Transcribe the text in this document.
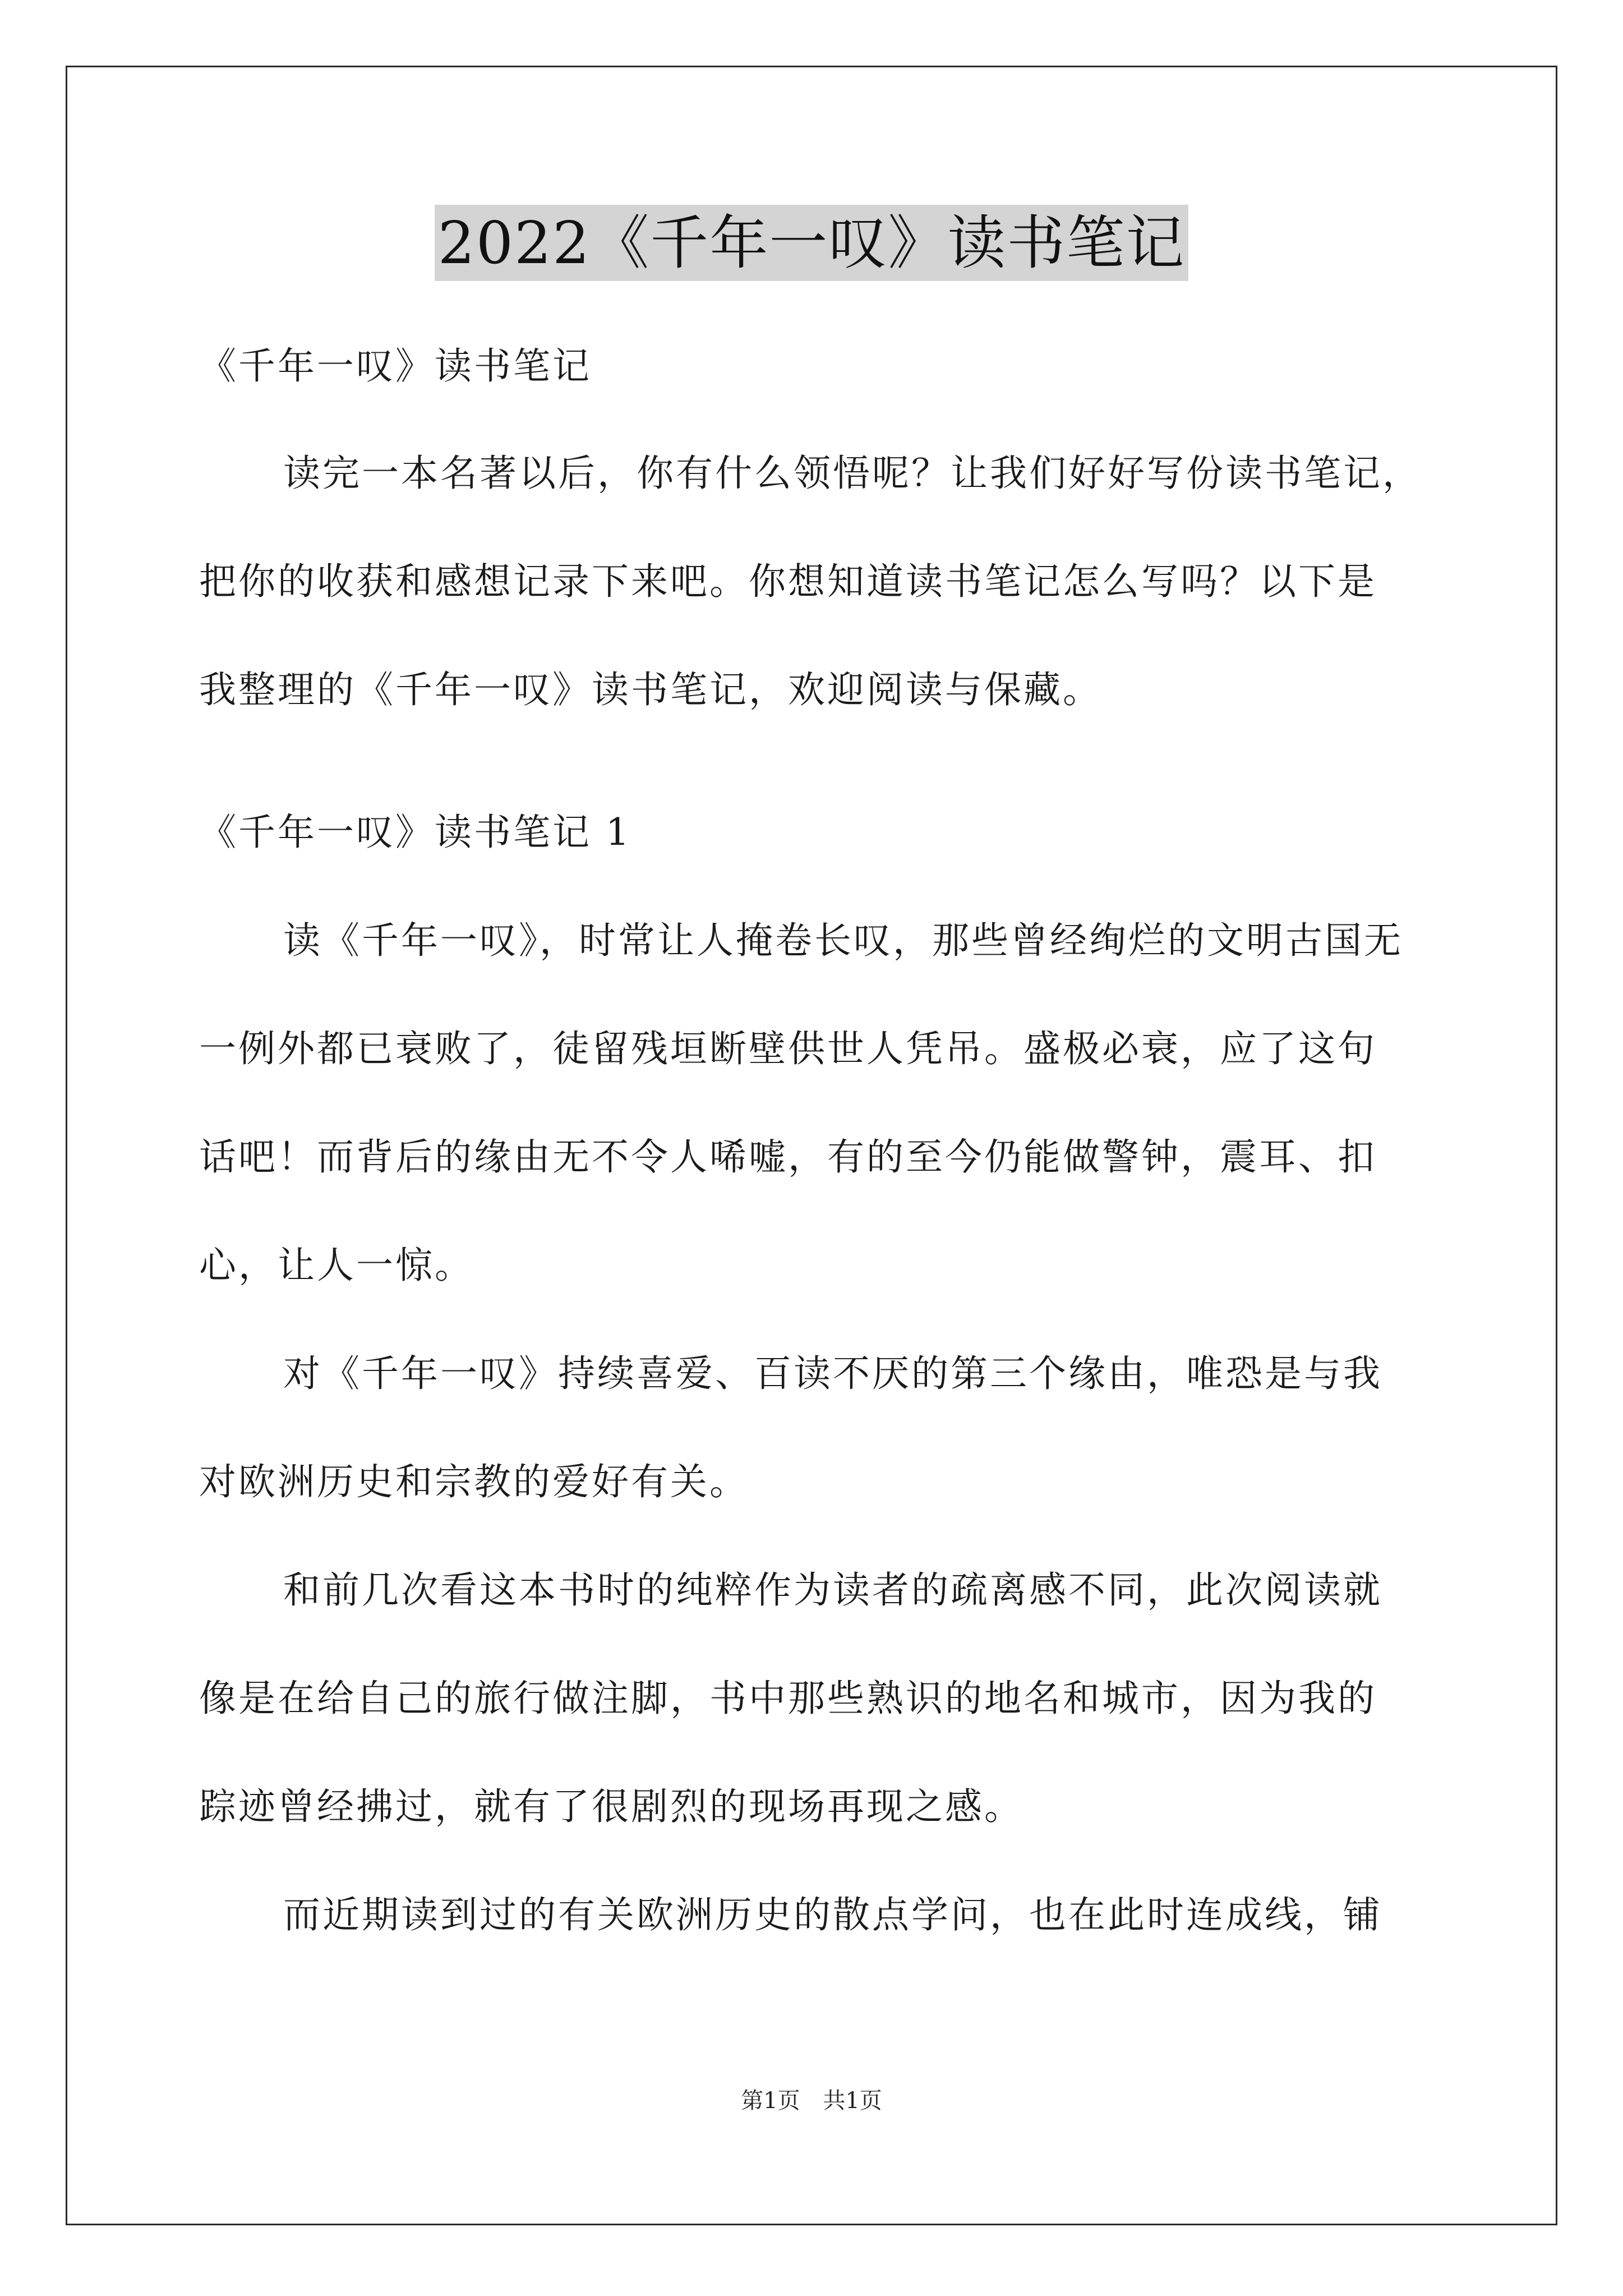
2022《千年一叹》读书笔记

《千年一叹》读书笔记

读完一本名著以后，你有什么领悟呢？让我们好好写份读书笔记，

把你的收获和感想记录下来吧。你想知道读书笔记怎么写吗？以下是

我整理的《千年一叹》读书笔记，欢迎阅读与保藏。

《千年一叹》读书笔记 1

读《千年一叹》，时常让人掩卷长叹，那些曾经绚烂的文明古国无

一例外都已衰败了，徒留残垣断壁供世人凭吊。盛极必衰，应了这句

话吧！而背后的缘由无不令人唏嘘，有的至今仍能做警钟，震耳、扣

心，让人一惊。

对《千年一叹》持续喜爱、百读不厌的第三个缘由，唯恐是与我

对欧洲历史和宗教的爱好有关。

和前几次看这本书时的纯粹作为读者的疏离感不同，此次阅读就

像是在给自己的旅行做注脚，书中那些熟识的地名和城市，因为我的

踪迹曾经拂过，就有了很剧烈的现场再现之感。

而近期读到过的有关欧洲历史的散点学问，也在此时连成线，铺

第1页 共1页
